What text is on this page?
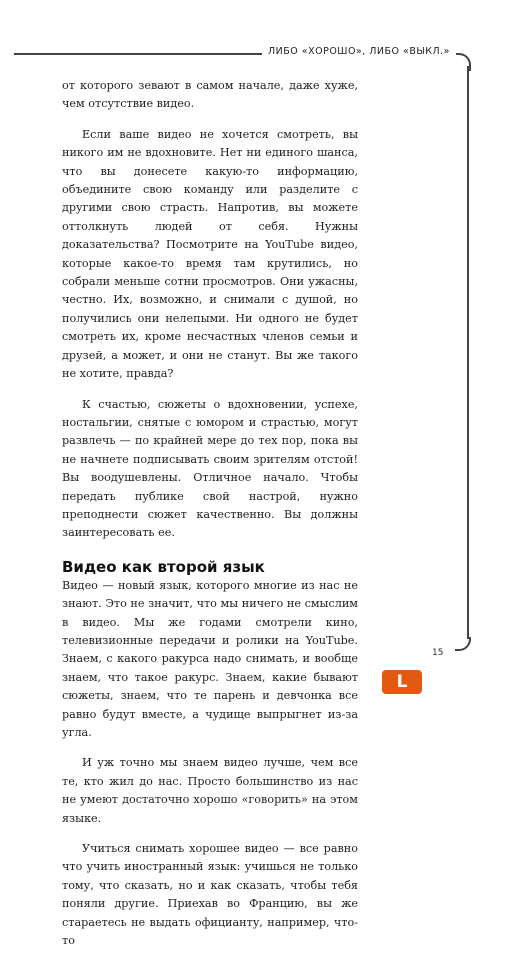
ЛИБО «ХОРОШО», ЛИБО «ВЫКЛ.»

от которого зевают в самом начале, даже хуже, чем отсутствие видео.

Если ваше видео не хочется смотреть, вы никого им не вдохновите. Нет ни единого шанса, что вы донесете какую-то информацию, объедините свою команду или разделите с другими свою страсть. Напротив, вы можете оттолкнуть людей от себя. Нужны доказательства? Посмотрите на YouTube видео, которые какое-то время там крутились, но собрали меньше сотни просмотров. Они ужасны, честно. Их, возможно, и снимали с душой, но получились они нелепыми. Ни одного не будет смотреть их, кроме несчастных членов семьи и друзей, а может, и они не станут. Вы же такого не хотите, правда?

К счастью, сюжеты о вдохновении, успехе, ностальгии, снятые с юмором и страстью, могут развлечь — по крайней мере до тех пор, пока вы не начнете подписывать своим зрителям отстой! Вы воодушевлены. Отличное начало. Чтобы передать публике свой настрой, нужно преподнести сюжет качественно. Вы должны заинтересовать ее.

Видео как второй язык

Видео — новый язык, которого многие из нас не знают. Это не значит, что мы ничего не смыслим в видео. Мы же годами смотрели кино, телевизионные передачи и ролики на YouTube. Знаем, с какого ракурса надо снимать, и вообще знаем, что такое ракурс. Знаем, какие бывают сюжеты, знаем, что те парень и девчонка все равно будут вместе, а чудище выпрыгнет из-за угла.

И уж точно мы знаем видео лучше, чем все те, кто жил до нас. Просто большинство из нас не умеют достаточно хорошо «говорить» на этом языке.

Учиться снимать хорошее видео — все равно что учить иностранный язык: учишься не только тому, что сказать, но и как сказать, чтобы тебя поняли другие. Приехав во Францию, вы же стараетесь не выдать официанту, например, что-то

15
L
